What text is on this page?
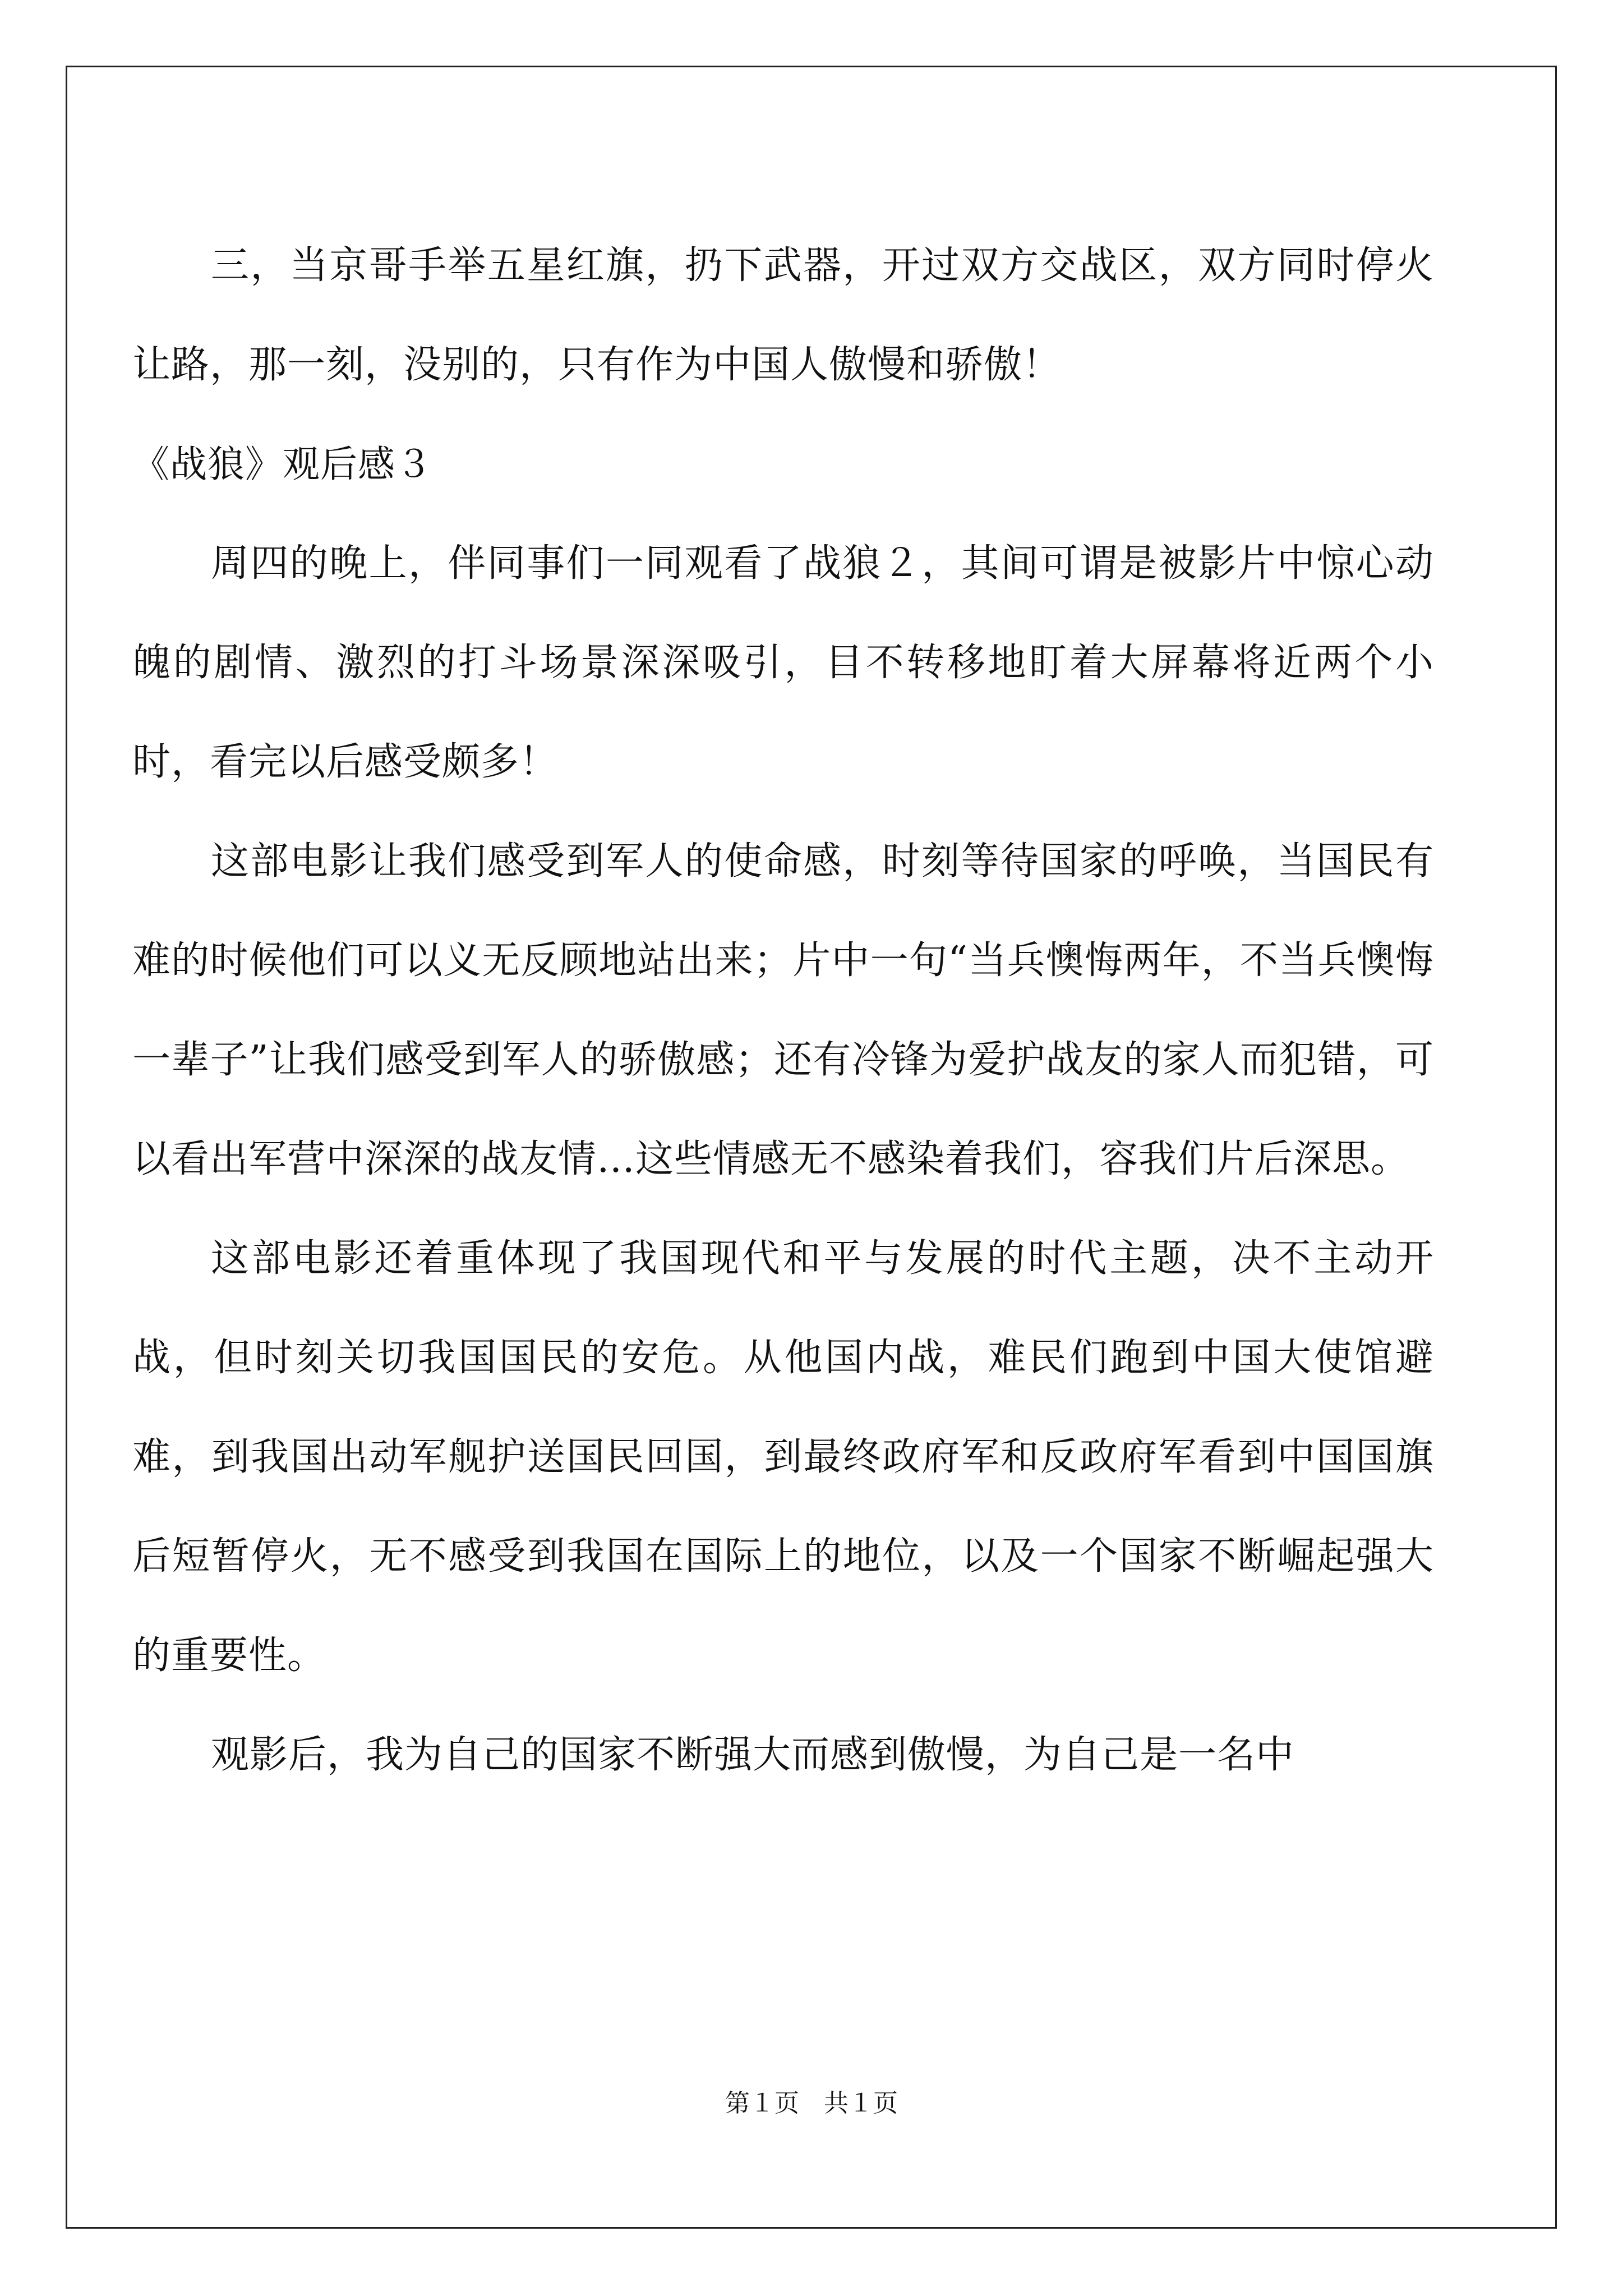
三，当京哥手举五星红旗，扔下武器，开过双方交战区，双方同时停火让路，那一刻，没别的，只有作为中国人傲慢和骄傲！

《战狼》观后感３

周四的晚上，伴同事们一同观看了战狼２，其间可谓是被影片中惊心动魄的剧情、激烈的打斗场景深深吸引，目不转移地盯着大屏幕将近两个小时，看完以后感受颇多！

这部电影让我们感受到军人的使命感，时刻等待国家的呼唤，当国民有难的时候他们可以义无反顾地站出来；片中一句“当兵懊悔两年，不当兵懊悔一辈子”让我们感受到军人的骄傲感；还有冷锋为爱护战友的家人而犯错，可以看出军营中深深的战友情…这些情感无不感染着我们，容我们片后深思。

这部电影还着重体现了我国现代和平与发展的时代主题，决不主动开战，但时刻关切我国国民的安危。从他国内战，难民们跑到中国大使馆避难，到我国出动军舰护送国民回国，到最终政府军和反政府军看到中国国旗后短暂停火，无不感受到我国在国际上的地位，以及一个国家不断崛起强大的重要性。

观影后，我为自己的国家不断强大而感到傲慢，为自己是一名中

第１页　共１页
